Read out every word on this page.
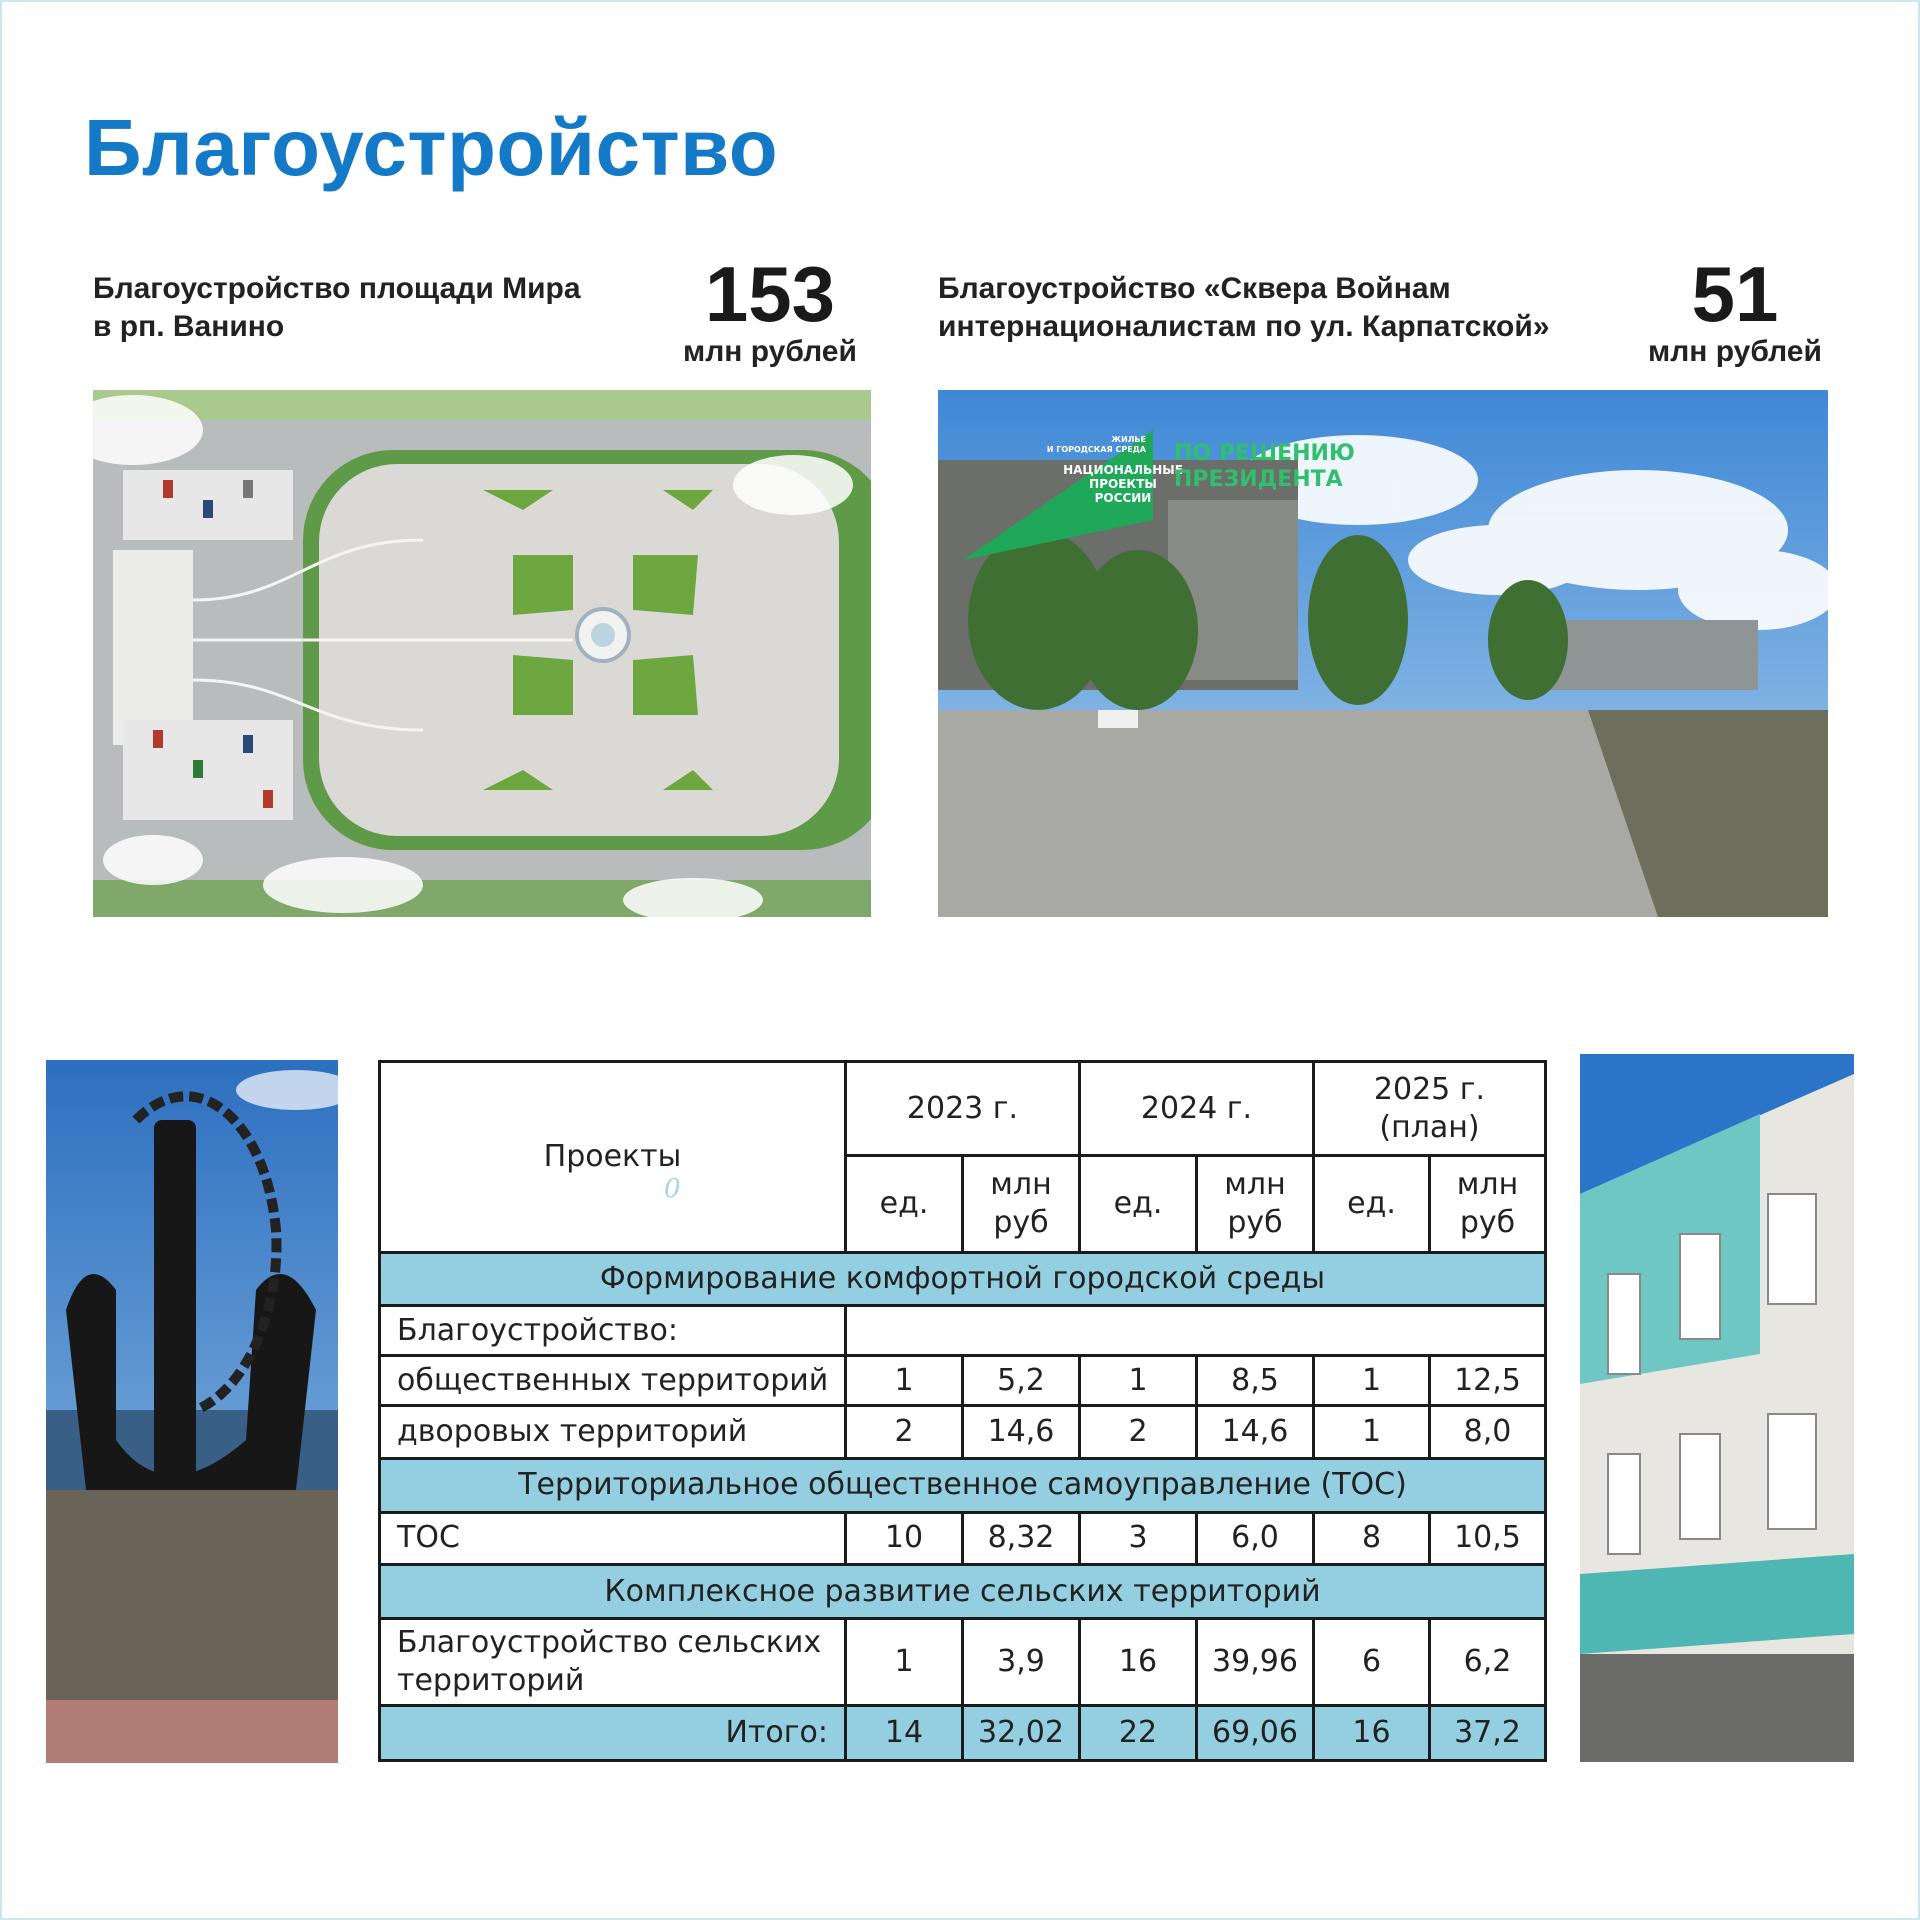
Благоустройство
Благоустройство площади Мира
в рп. Ванино	153
млн рублей
Благоустройство «Сквера Войнам
интернационалистам по ул. Карпатской»	51
млн рублей
ЖИЛЬЕ
И ГОРОДСКАЯ СРЕДА
НАЦИОНАЛЬНЫЕ
ПРОЕКТЫ
РОССИИ
ПО РЕШЕНИЮ
ПРЕЗИДЕНТА
Проекты	2023 г.		2024 г.		2025 г.
(план)	
	ед.	млн
руб	ед.	млн
руб	ед.	млн
руб
Формирование комфортной городской среды						
Благоустройство:						
общественных территорий	1	5,2	1	8,5	1	12,5
дворовых территорий	2	14,6	2	14,6	1	8,0
Территориальное общественное самоуправление (ТОС)						
ТОС	10	8,32	3	6,0	8	10,5
Комплексное развитие сельских территорий						
Благоустройство сельских
территорий	1	3,9	16	39,96	6	6,2
Итого:	14	32,02	22	69,06	16	37,2
0
